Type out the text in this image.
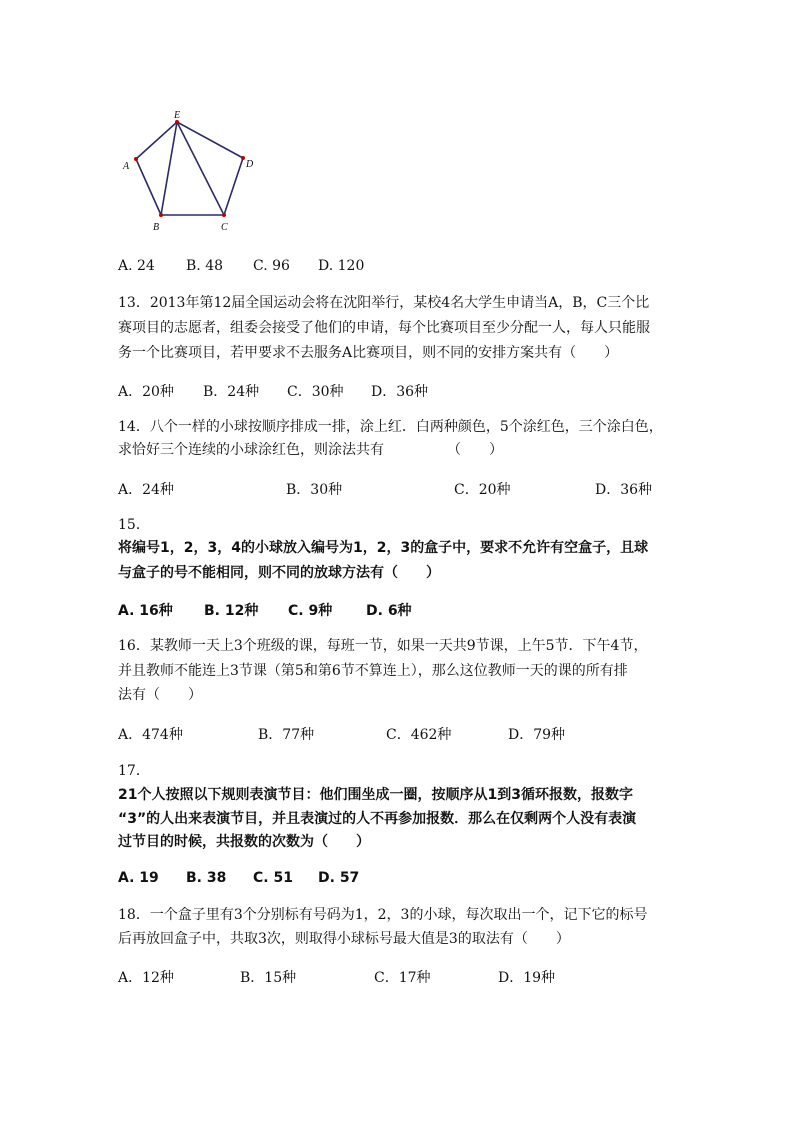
E
A	D
B	C
A. 24 B. 48 C. 96 D. 120
13．2013年第12届全国运动会将在沈阳举行，某校4名大学生申请当A，B，C三个比
赛项目的志愿者，组委会接受了他们的申请，每个比赛项目至少分配一人，每人只能服
务一个比赛项目，若甲要求不去服务A比赛项目，则不同的安排方案共有（　　）
A．20种 B．24种 C．30种 D．36种
14．八个一样的小球按顺序排成一排，涂上红．白两种颜色，5个涂红色，三个涂白色，
求恰好三个连续的小球涂红色，则涂法共有　　　　　（　　）
A．24种	B．30种	C．20种	D．36种
15．
将编号1，2，3，4的小球放入编号为1，2，3的盒子中，要求不允许有空盒子，且球
与盒子的号不能相同，则不同的放球方法有（　　）
A. 16种 B. 12种 C. 9种 D. 6种
16．某教师一天上3个班级的课，每班一节，如果一天共9节课，上午5节．下午4节，
并且教师不能连上3节课（第5和第6节不算连上），那么这位教师一天的课的所有排
法有（　　）
A．474种	B．77种	C．462种	D．79种
17．
21个人按照以下规则表演节目：他们围坐成一圈，按顺序从1到3循环报数，报数字
“3”的人出来表演节目，并且表演过的人不再参加报数．那么在仅剩两个人没有表演
过节目的时候，共报数的次数为（　　）
A. 19 B. 38 C. 51 D. 57
18．一个盒子里有3个分别标有号码为1，2，3的小球，每次取出一个，记下它的标号
后再放回盒子中，共取3次，则取得小球标号最大值是3的取法有（　　）
A．12种	B．15种	C．17种	D．19种
